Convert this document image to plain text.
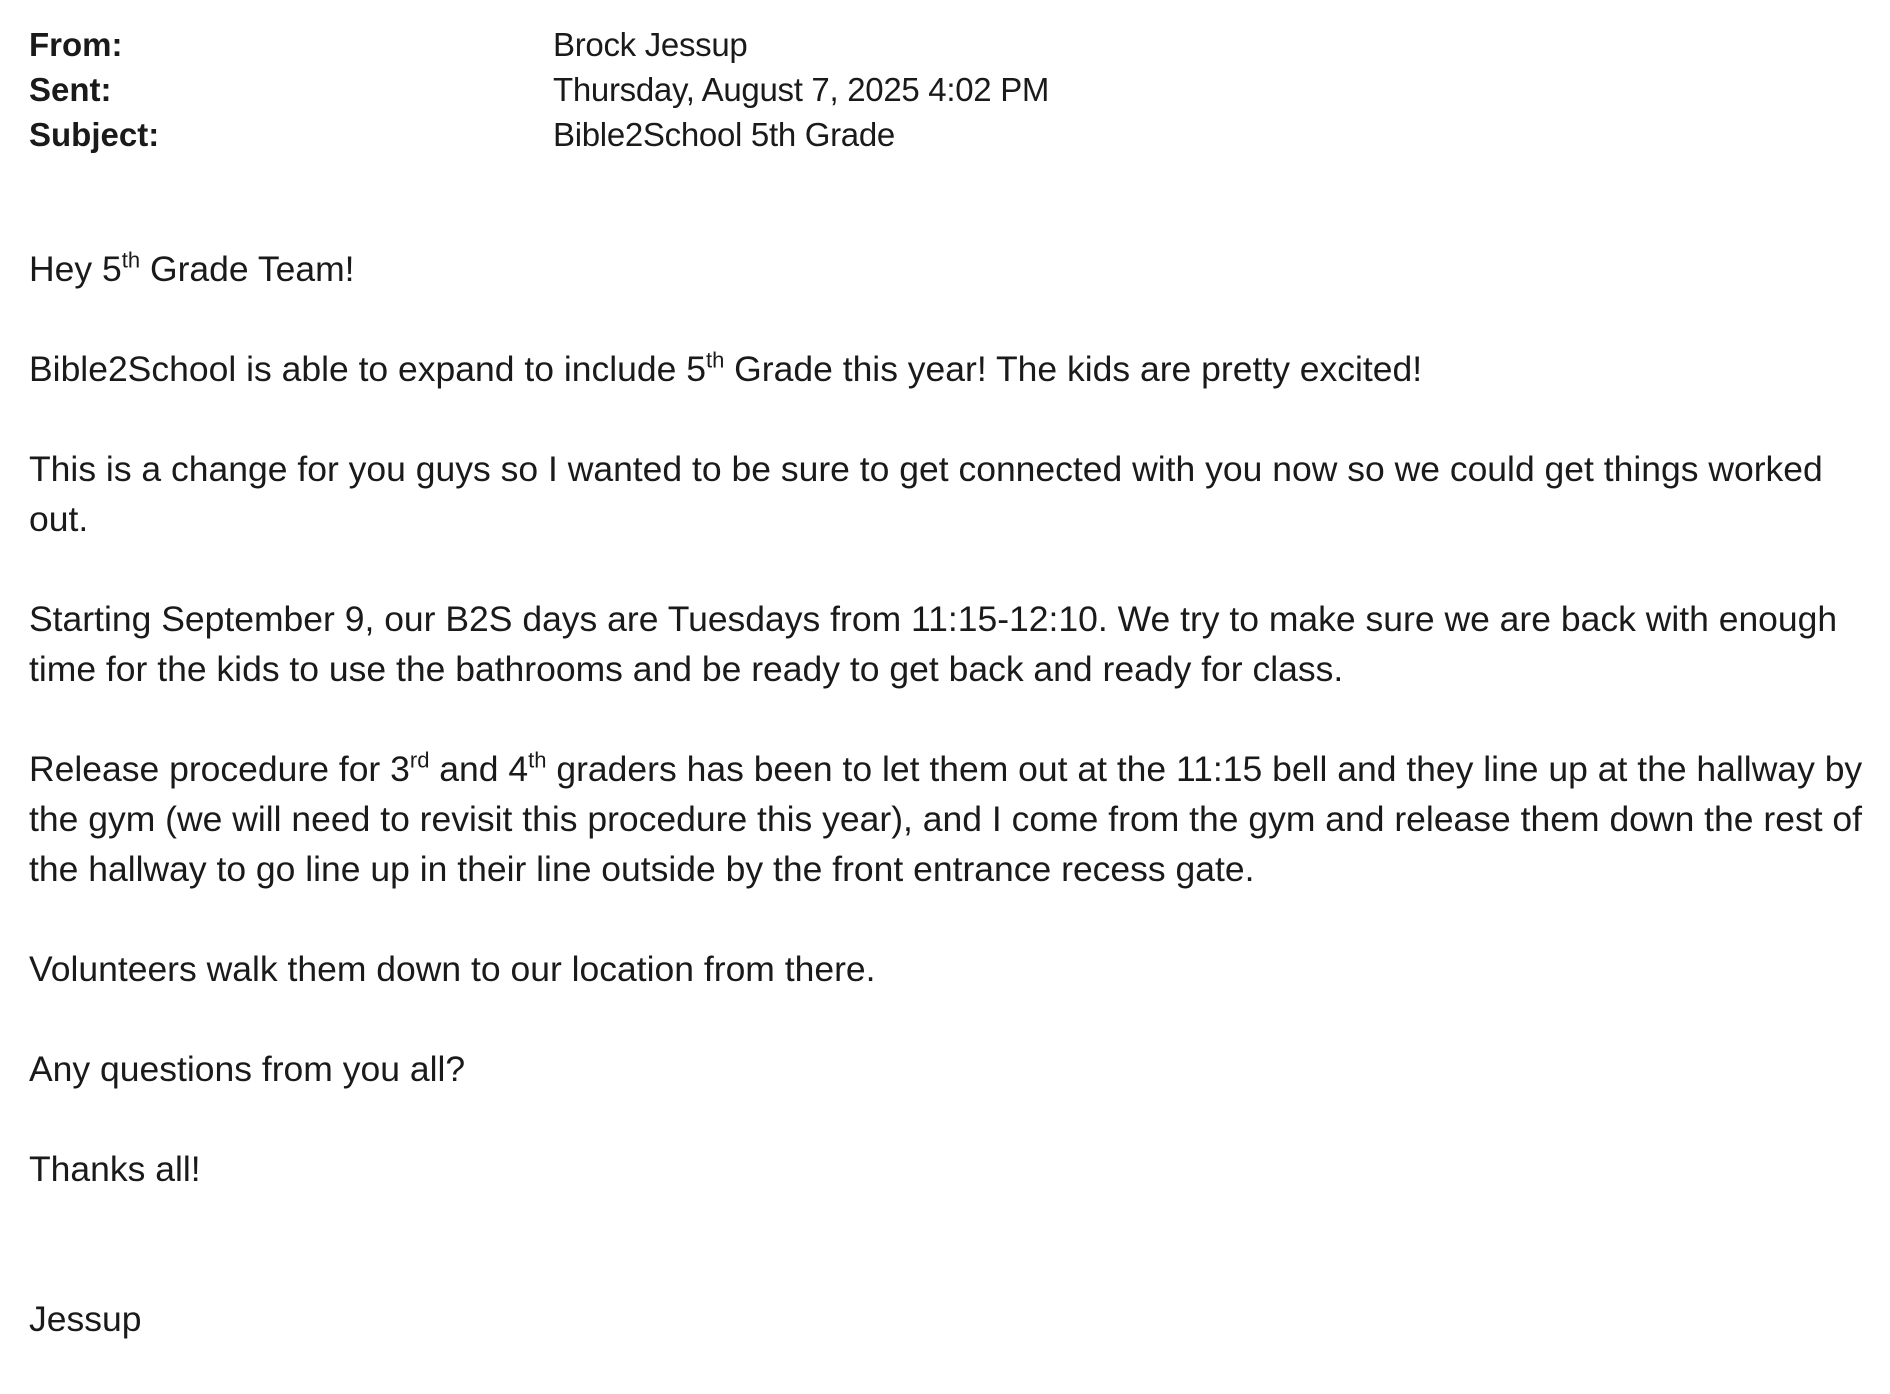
From:	Brock Jessup
Sent:	Thursday, August 7, 2025 4:02 PM
Subject:	Bible2School 5th Grade

Hey 5th Grade Team!

Bible2School is able to expand to include 5th Grade this year! The kids are pretty excited!

This is a change for you guys so I wanted to be sure to get connected with you now so we could get things worked out.

Starting September 9, our B2S days are Tuesdays from 11:15-12:10. We try to make sure we are back with enough time for the kids to use the bathrooms and be ready to get back and ready for class.

Release procedure for 3rd and 4th graders has been to let them out at the 11:15 bell and they line up at the hallway by the gym (we will need to revisit this procedure this year), and I come from the gym and release them down the rest of the hallway to go line up in their line outside by the front entrance recess gate.

Volunteers walk them down to our location from there.

Any questions from you all?

Thanks all!

Jessup
